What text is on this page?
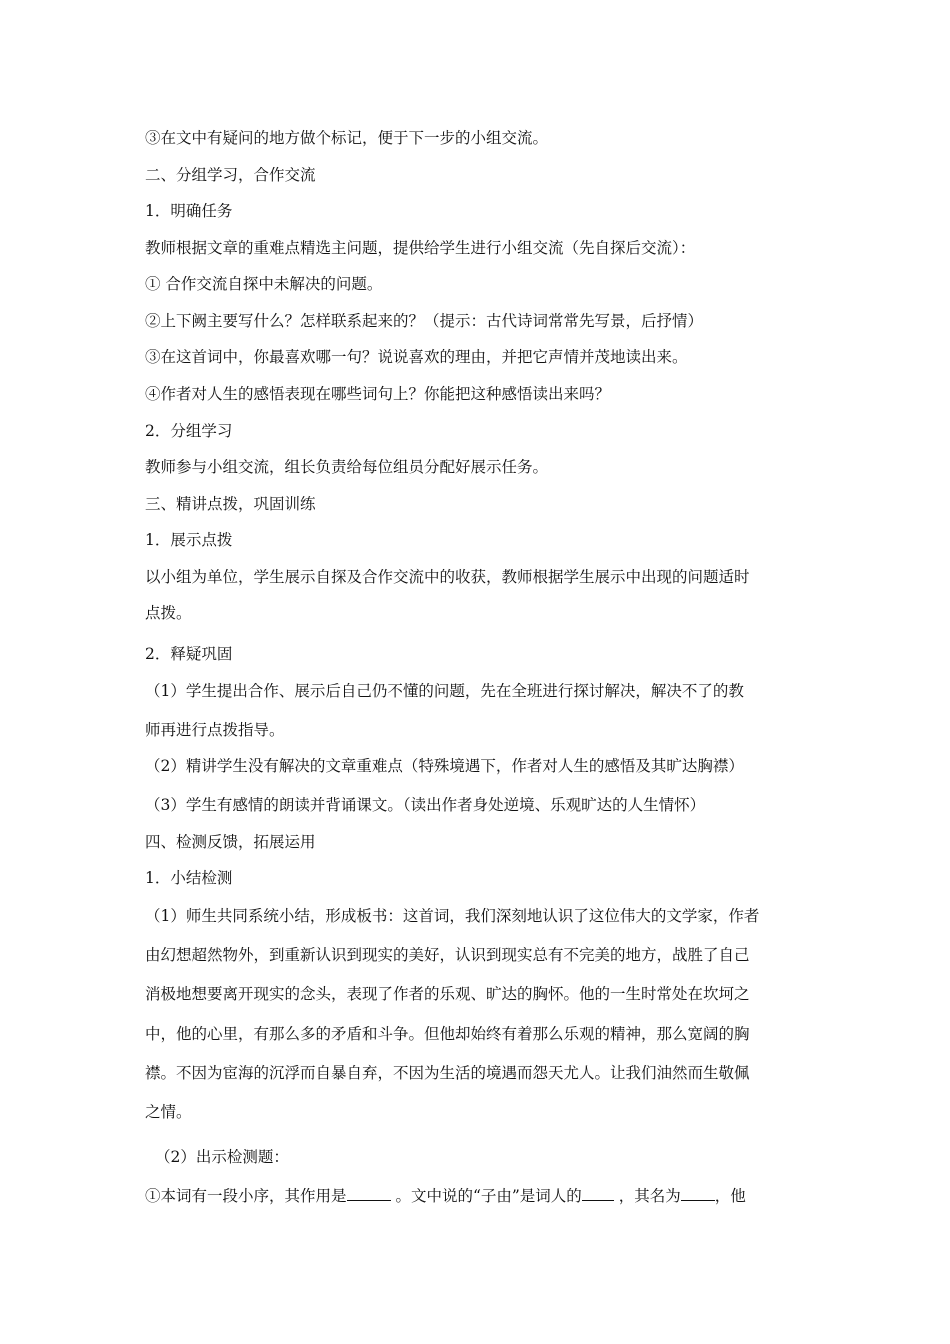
③在文中有疑问的地方做个标记，便于下一步的小组交流。
二、分组学习，合作交流
1．明确任务
教师根据文章的重难点精选主问题，提供给学生进行小组交流（先自探后交流）：
① 合作交流自探中未解决的问题。
②上下阙主要写什么？怎样联系起来的？（提示：古代诗词常常先写景，后抒情）
③在这首词中，你最喜欢哪一句？说说喜欢的理由，并把它声情并茂地读出来。
④作者对人生的感悟表现在哪些词句上？你能把这种感悟读出来吗？
2．分组学习
教师参与小组交流，组长负责给每位组员分配好展示任务。
三、精讲点拨，巩固训练
1．展示点拨
以小组为单位，学生展示自探及合作交流中的收获，教师根据学生展示中出现的问题适时
点拨。
2．释疑巩固
（1）学生提出合作、展示后自己仍不懂的问题，先在全班进行探讨解决，解决不了的教
师再进行点拨指导。
（2）精讲学生没有解决的文章重难点（特殊境遇下，作者对人生的感悟及其旷达胸襟）
（3）学生有感情的朗读并背诵课文。（读出作者身处逆境、乐观旷达的人生情怀）
四、检测反馈，拓展运用
1．小结检测
（1）师生共同系统小结，形成板书：这首词，我们深刻地认识了这位伟大的文学家，作者
由幻想超然物外，到重新认识到现实的美好，认识到现实总有不完美的地方，战胜了自己
消极地想要离开现实的念头，表现了作者的乐观、旷达的胸怀。他的一生时常处在坎坷之
中，他的心里，有那么多的矛盾和斗争。但他却始终有着那么乐观的精神，那么宽阔的胸
襟。不因为宦海的沉浮而自暴自弃，不因为生活的境遇而怨天尤人。让我们油然而生敬佩
之情。
（2）出示检测题：
①本词有一段小序，其作用是	。文中说的“子由”是词人的 ，其名为 ，他
